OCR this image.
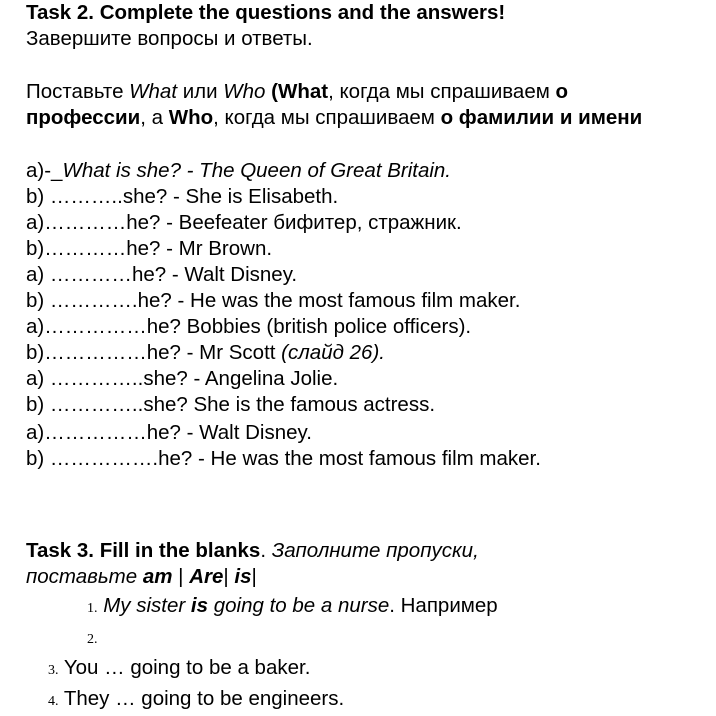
Task 2. Complete the questions and the answers!
Завершите вопросы и ответы.
Поставьте What или Who (What, когда мы спрашиваем о профессии, а Who, когда мы спрашиваем о фамилии и имени
a)-_What is she? - The Queen of Great Britain.
b) ………..she? - She is Elisabeth.
a)…………he? - Beefeater бифитер, стражник.
b)…………he? - Mr Brown.
a) …………he? - Walt Disney.
b) ………….he? - He was the most famous film maker.
a)……………he? Bobbies (british police officers).
b)……………he? - Mr Scott (слайд 26).
a) …………..she? - Angelina Jolie.
b) …………..she? She is the famous actress.
a)……………he? - Walt Disney.
b) …………….he? - He was the most famous film maker.
Task 3. Fill in the blanks. Заполните пропуски,
поставьте am | Are| is|
1. My sister is going to be a nurse. Например
2.
3. You … going to be a baker.
4. They … going to be engineers.
